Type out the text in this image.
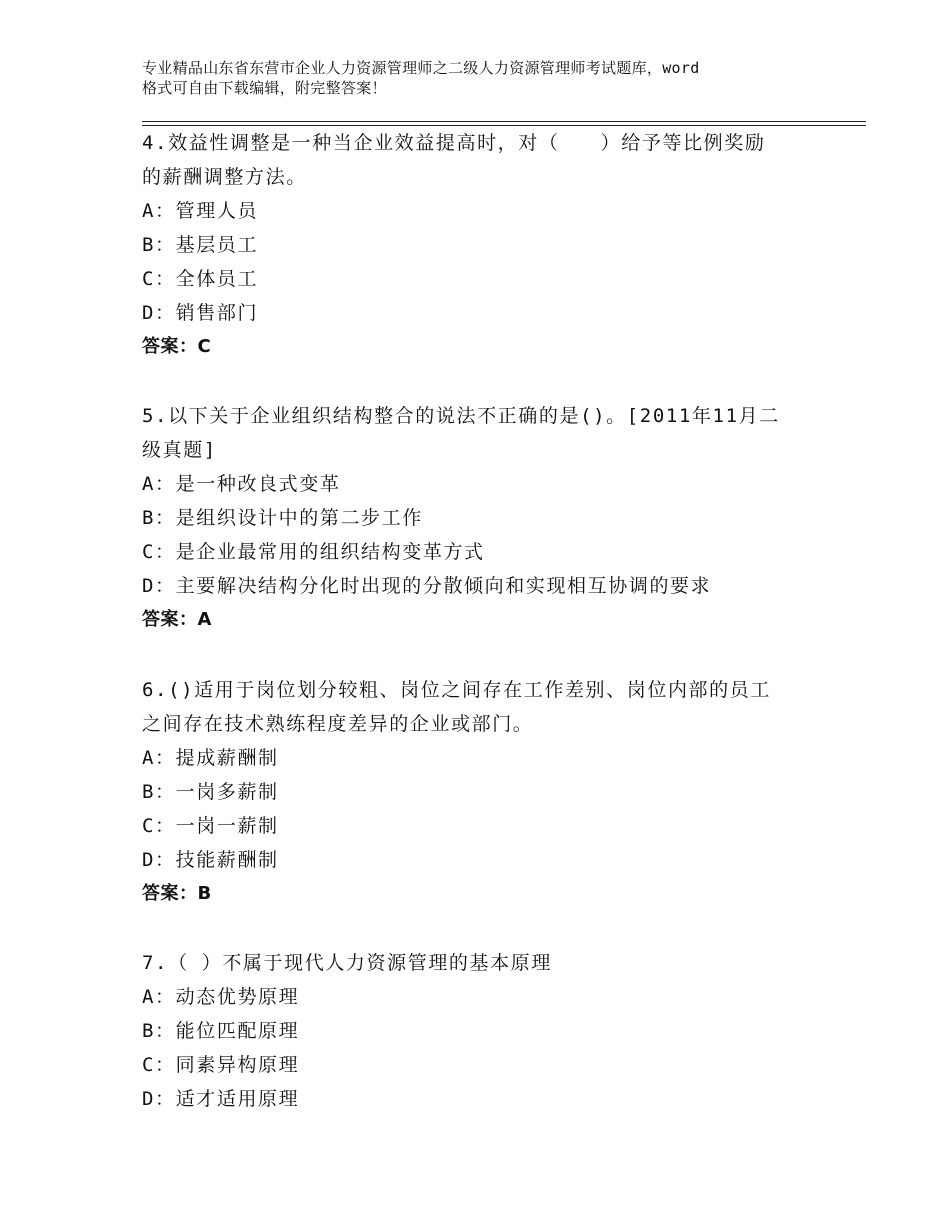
专业精品山东省东营市企业人力资源管理师之二级人力资源管理师考试题库，word
格式可自由下载编辑，附完整答案！

4.效益性调整是一种当企业效益提高时，对（　　）给予等比例奖励

的薪酬调整方法。

A：管理人员

B：基层员工

C：全体员工

D：销售部门

答案：C

5.以下关于企业组织结构整合的说法不正确的是()。[2011年11月二

级真题]

A：是一种改良式变革

B：是组织设计中的第二步工作

C：是企业最常用的组织结构变革方式

D：主要解决结构分化时出现的分散倾向和实现相互协调的要求

答案：A

6.()适用于岗位划分较粗、岗位之间存在工作差别、岗位内部的员工

之间存在技术熟练程度差异的企业或部门。

A：提成薪酬制

B：一岗多薪制

C：一岗一薪制

D：技能薪酬制

答案：B

7.（ ）不属于现代人力资源管理的基本原理

A：动态优势原理

B：能位匹配原理

C：同素异构原理

D：适才适用原理
